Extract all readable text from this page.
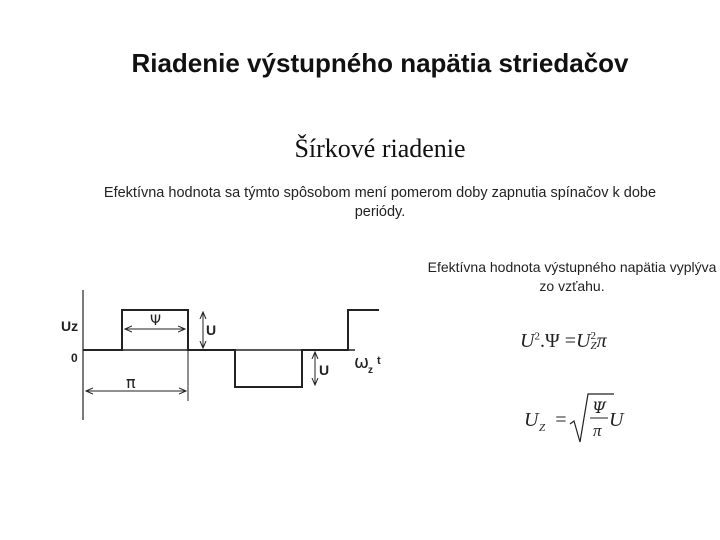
Riadenie výstupného napätia striedačov
Šírkové riadenie
Efektívna hodnota sa týmto spôsobom mení pomerom doby zapnutia spínačov k dobe periódy.
Efektívna hodnota výstupného napätia vyplýva zo vzťahu.
Ψ
π
U
U
Uz
0	ω
z
t
$U^2.\Psi =U$ 2
Z π
U Z =
Ψ
π U
